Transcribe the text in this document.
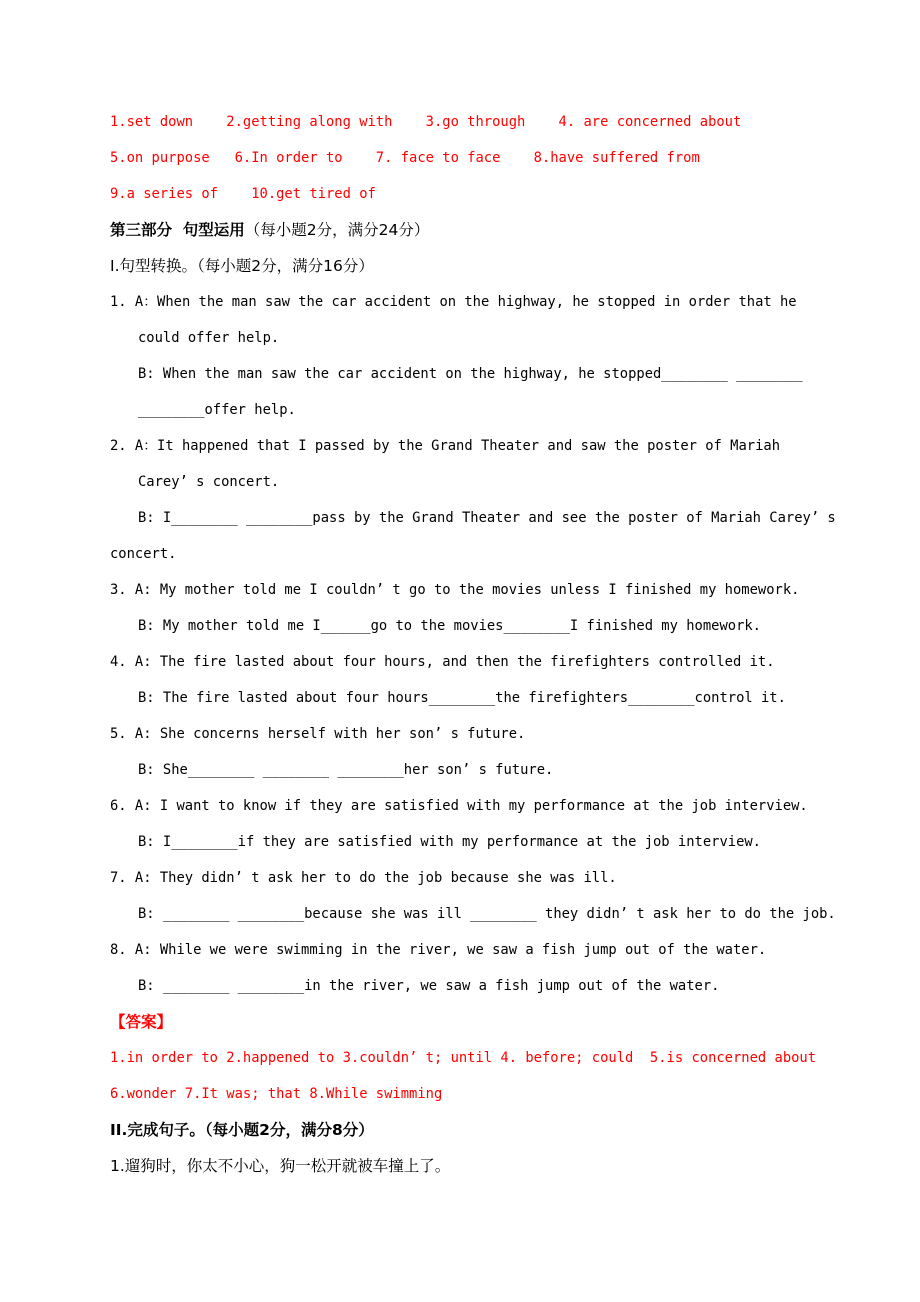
1.set down    2.getting along with    3.go through    4. are concerned about
5.on purpose   6.In order to    7. face to face    8.have suffered from
9.a series of    10.get tired of
第三部分  句型运用（每小题2分，满分24分）
I.句型转换。（每小题2分，满分16分）
1. A：When the man saw the car accident on the highway, he stopped in order that he
could offer help.
B: When the man saw the car accident on the highway, he stopped________ ________
________offer help.
2. A：It happened that I passed by the Grand Theater and saw the poster of Mariah
Carey’ s concert.
B: I________ ________pass by the Grand Theater and see the poster of Mariah Carey’ s
concert.
3. A: My mother told me I couldn’ t go to the movies unless I finished my homework.
B: My mother told me I______go to the movies________I finished my homework.
4. A: The fire lasted about four hours, and then the firefighters controlled it.
B: The fire lasted about four hours________the firefighters________control it.
5. A: She concerns herself with her son’ s future.
B: She________ ________ ________her son’ s future.
6. A: I want to know if they are satisfied with my performance at the job interview.
B: I________if they are satisfied with my performance at the job interview.
7. A: They didn’ t ask her to do the job because she was ill.
B: ________ ________because she was ill ________ they didn’ t ask her to do the job.
8. A: While we were swimming in the river, we saw a fish jump out of the water.
B: ________ ________in the river, we saw a fish jump out of the water.
【答案】
1.in order to 2.happened to 3.couldn’ t; until 4. before; could  5.is concerned about
6.wonder 7.It was; that 8.While swimming
II.完成句子。（每小题2分，满分8分）
1.遛狗时，你太不小心，狗一松开就被车撞上了。
